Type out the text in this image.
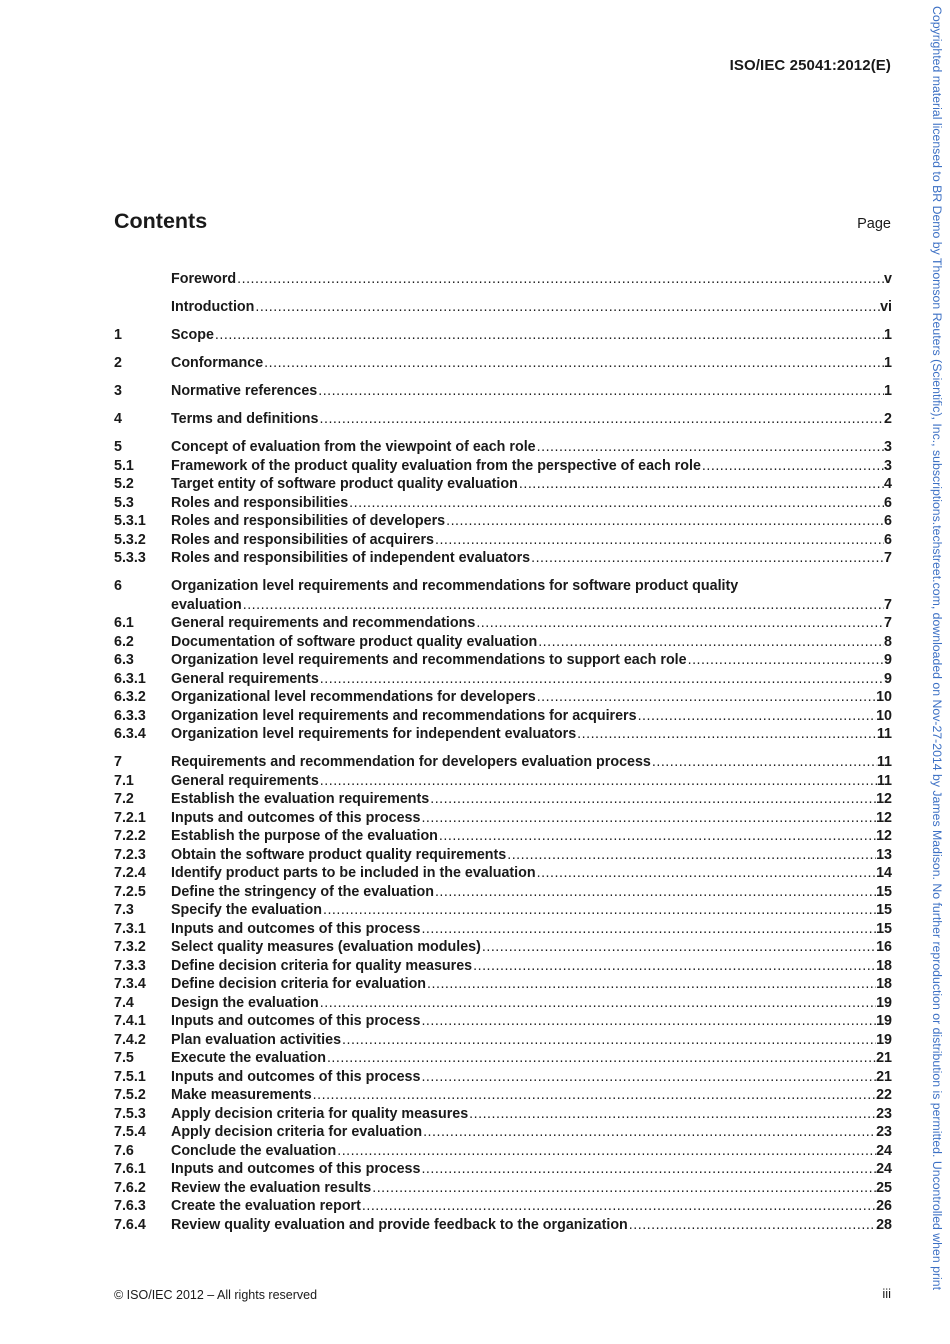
ISO/IEC 25041:2012(E)
Contents	Page
Foreword .....	v
Introduction .....	vi
1	Scope .....	1
2	Conformance .....	1
3	Normative references .....	1
4	Terms and definitions .....	2
5	Concept of evaluation from the viewpoint of each role .....	3
5.1	Framework of the product quality evaluation from the perspective of each role .....	3
5.2	Target entity of software product quality evaluation .....	4
5.3	Roles and responsibilities .....	6
5.3.1	Roles and responsibilities of developers .....	6
5.3.2	Roles and responsibilities of acquirers .....	6
5.3.3	Roles and responsibilities of independent evaluators .....	7
6	Organization level requirements and recommendations for software product quality
evaluation .....	7
6.1	General requirements and recommendations .....	7
6.2	Documentation of software product quality evaluation .....	8
6.3	Organization level requirements and recommendations to support each role .....	9
6.3.1	General requirements .....	9
6.3.2	Organizational level recommendations for developers .....	10
6.3.3	Organization level requirements and recommendations for acquirers .....	10
6.3.4	Organization level requirements for independent evaluators .....	11
7	Requirements and recommendation for developers evaluation process .....	11
7.1	General requirements .....	11
7.2	Establish the evaluation requirements .....	12
7.2.1	Inputs and outcomes of this process .....	12
7.2.2	Establish the purpose of the evaluation .....	12
7.2.3	Obtain the software product quality requirements .....	13
7.2.4	Identify product parts to be included in the evaluation .....	14
7.2.5	Define the stringency of the evaluation .....	15
7.3	Specify the evaluation .....	15
7.3.1	Inputs and outcomes of this process .....	15
7.3.2	Select quality measures (evaluation modules) .....	16
7.3.3	Define decision criteria for quality measures .....	18
7.3.4	Define decision criteria for evaluation .....	18
7.4	Design the evaluation .....	19
7.4.1	Inputs and outcomes of this process .....	19
7.4.2	Plan evaluation activities .....	19
7.5	Execute the evaluation .....	21
7.5.1	Inputs and outcomes of this process .....	21
7.5.2	Make measurements .....	22
7.5.3	Apply decision criteria for quality measures .....	23
7.5.4	Apply decision criteria for evaluation .....	23
7.6	Conclude the evaluation .....	24
7.6.1	Inputs and outcomes of this process .....	24
7.6.2	Review the evaluation results .....	25
7.6.3	Create the evaluation report .....	26
7.6.4	Review quality evaluation and provide feedback to the organization .....	28
© ISO/IEC 2012 – All rights reserved	iii
Copyrighted material licensed to BR Demo by Thomson Reuters (Scientific), Inc., subscriptions.techstreet.com, downloaded on Nov-27-2014 by James Madison. No further reproduction or distribution is permitted. Uncontrolled when print
